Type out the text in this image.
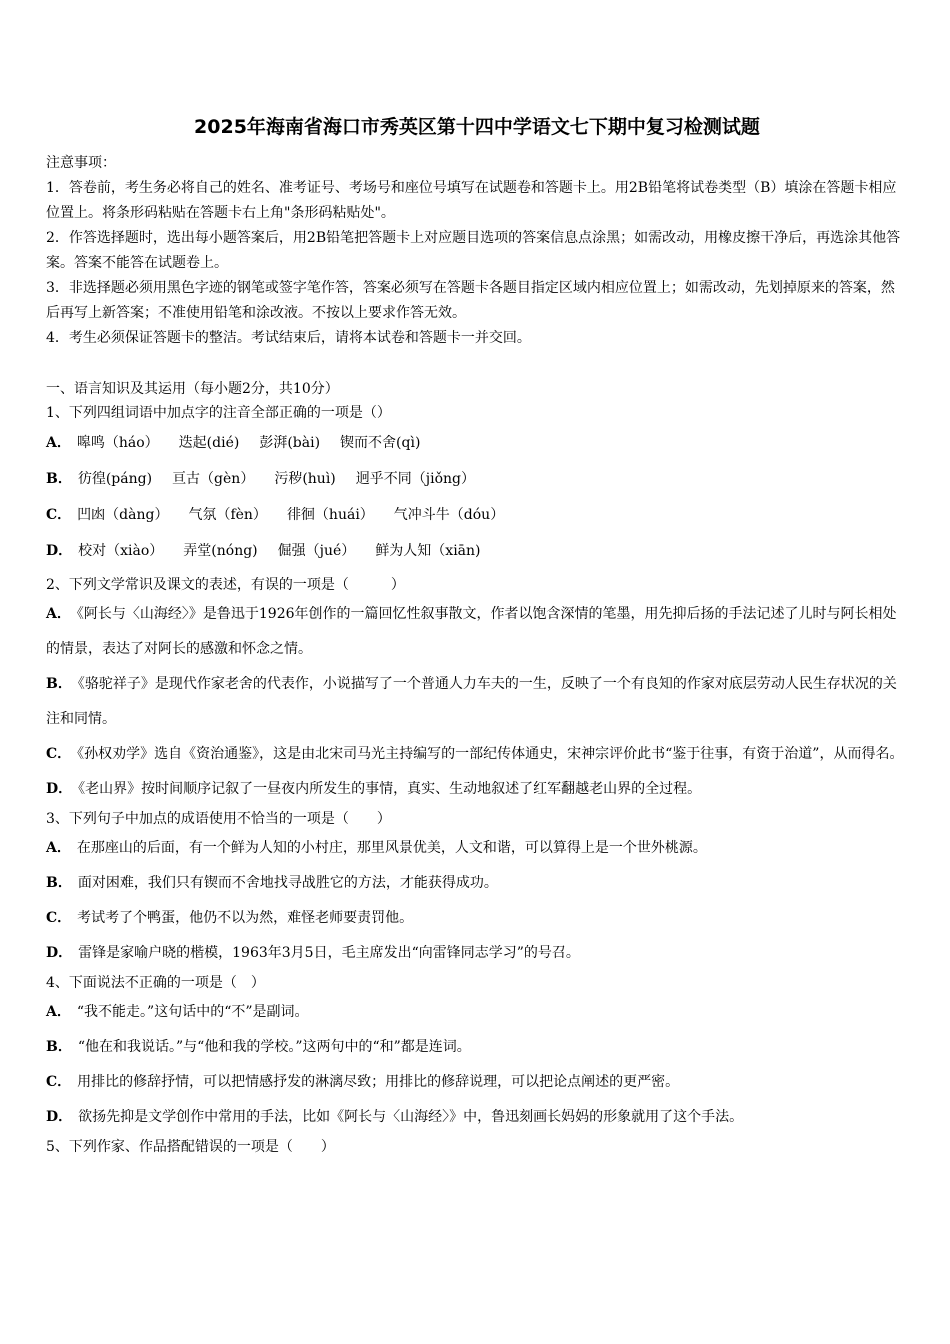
2025年海南省海口市秀英区第十四中学语文七下期中复习检测试题

注意事项：

1．答卷前，考生务必将自己的姓名、准考证号、考场号和座位号填写在试题卷和答题卡上。用2B铅笔将试卷类型（B）填涂在答题卡相应位置上。将条形码粘贴在答题卡右上角"条形码粘贴处"。

2．作答选择题时，选出每小题答案后，用2B铅笔把答题卡上对应题目选项的答案信息点涂黑；如需改动，用橡皮擦干净后，再选涂其他答案。答案不能答在试题卷上。

3．非选择题必须用黑色字迹的钢笔或签字笔作答，答案必须写在答题卡各题目指定区域内相应位置上；如需改动，先划掉原来的答案，然后再写上新答案；不准使用铅笔和涂改液。不按以上要求作答无效。

4．考生必须保证答题卡的整洁。考试结束后，请将本试卷和答题卡一并交回。

一、语言知识及其运用（每小题2分，共10分）

1、下列四组词语中加点字的注音全部正确的一项是（）

A． 嗥鸣（háo） 迭起(dié) 彭湃(bài) 锲而不舍(qì)

B． 彷徨(páng) 亘古（gèn） 污秽(huì) 迥乎不同（jiǒng）

C． 凹凼（dàng） 气氛（fèn） 徘徊（huái） 气冲斗牛（dóu）

D． 校对（xiào） 弄堂(nóng) 倔强（jué） 鲜为人知（xiān)

2、下列文学常识及课文的表述，有误的一项是（　　　）

A． 《阿长与〈山海经〉》是鲁迅于1926年创作的一篇回忆性叙事散文，作者以饱含深情的笔墨，用先抑后扬的手法记述了儿时与阿长相处的情景，表达了对阿长的感激和怀念之情。

B． 《骆驼祥子》是现代作家老舍的代表作，小说描写了一个普通人力车夫的一生，反映了一个有良知的作家对底层劳动人民生存状况的关注和同情。

C． 《孙权劝学》选自《资治通鉴》，这是由北宋司马光主持编写的一部纪传体通史，宋神宗评价此书“鉴于往事，有资于治道”，从而得名。

D． 《老山界》按时间顺序记叙了一昼夜内所发生的事情，真实、生动地叙述了红军翻越老山界的全过程。

3、下列句子中加点的成语使用不恰当的一项是（　　）

A． 在那座山的后面，有一个鲜为人知的小村庄，那里风景优美，人文和谐，可以算得上是一个世外桃源。

B． 面对困难，我们只有锲而不舍地找寻战胜它的方法，才能获得成功。

C． 考试考了个鸭蛋，他仍不以为然，难怪老师要责罚他。

D． 雷锋是家喻户晓的楷模，1963年3月5日，毛主席发出“向雷锋同志学习”的号召。

4、下面说法不正确的一项是（　）

A． “我不能走。”这句话中的“不”是副词。

B． “他在和我说话。”与“他和我的学校。”这两句中的“和”都是连词。

C． 用排比的修辞抒情，可以把情感抒发的淋漓尽致；用排比的修辞说理，可以把论点阐述的更严密。

D． 欲扬先抑是文学创作中常用的手法，比如《阿长与〈山海经〉》中，鲁迅刻画长妈妈的形象就用了这个手法。

5、下列作家、作品搭配错误的一项是（　　）
